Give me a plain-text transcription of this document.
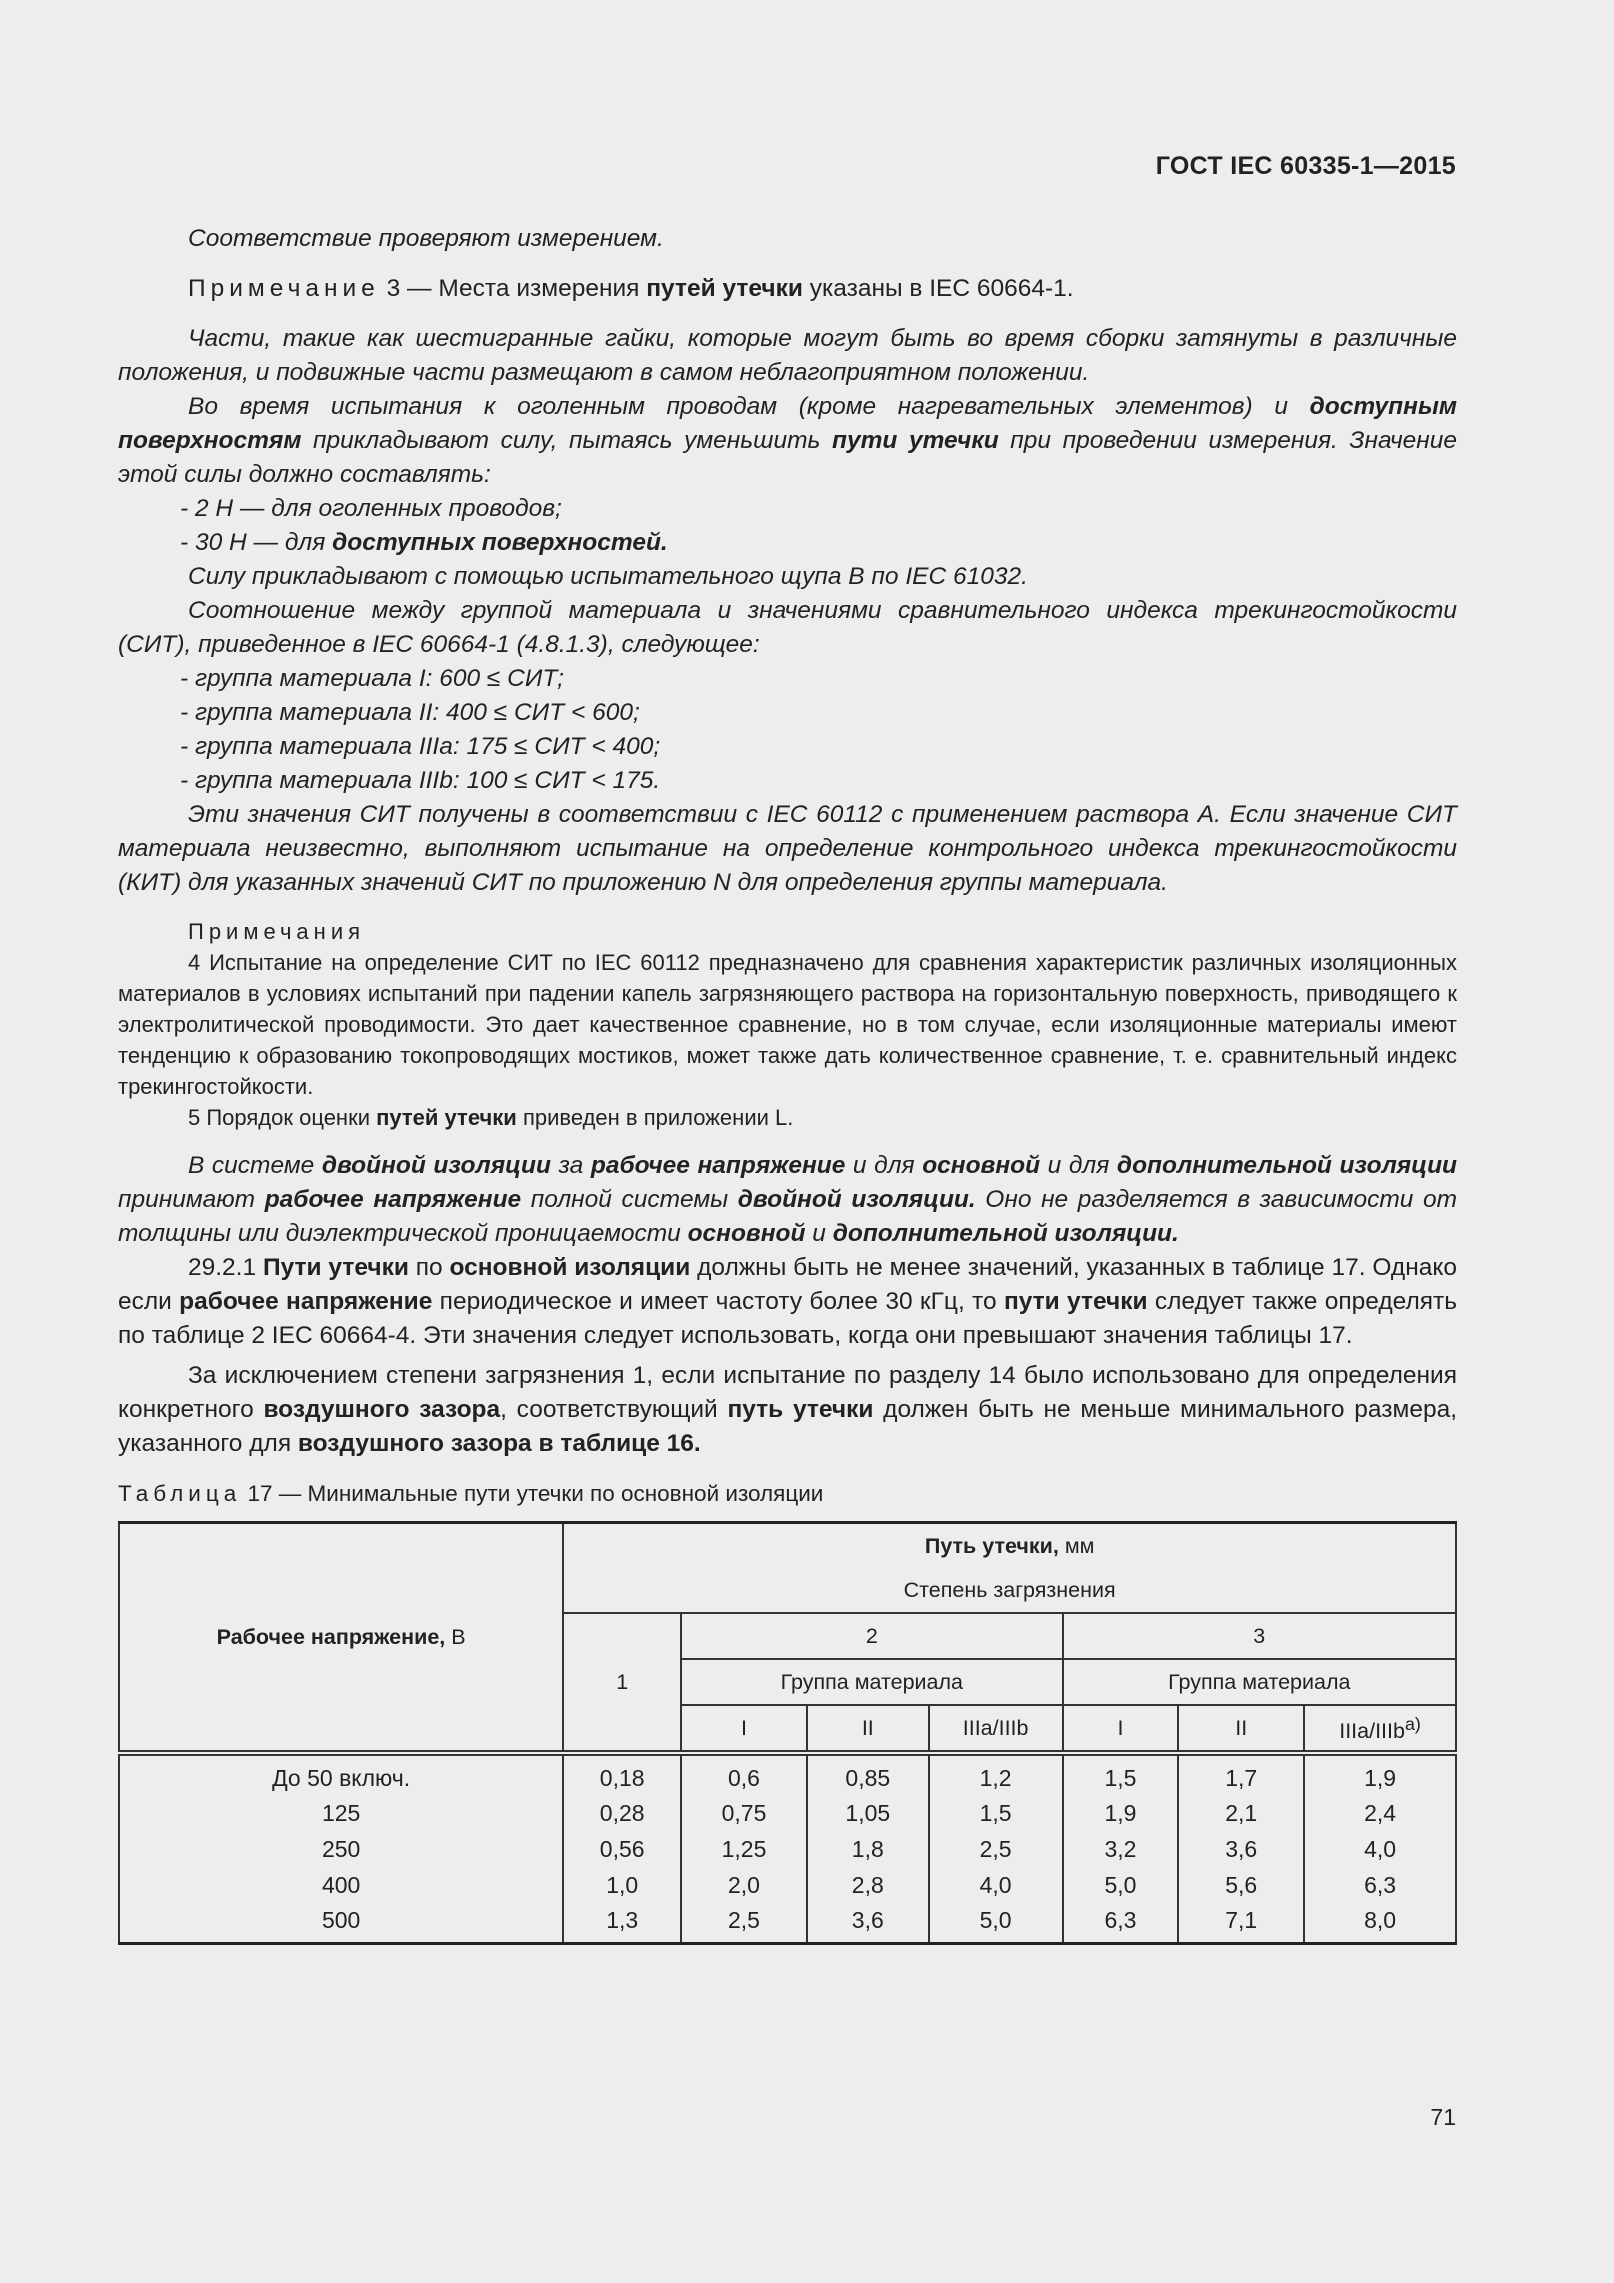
ГОСТ IEC 60335-1—2015

Соответствие проверяют измерением.

Примечание 3 — Места измерения путей утечки указаны в IEC 60664-1.

Части, такие как шестигранные гайки, которые могут быть во время сборки затянуты в различные положения, и подвижные части размещают в самом неблагоприятном положении.

Во время испытания к оголенным проводам (кроме нагревательных элементов) и доступным поверхностям прикладывают силу, пытаясь уменьшить пути утечки при проведении измерения. Значение этой силы должно составлять:

- 2 Н — для оголенных проводов;

- 30 Н — для доступных поверхностей.

Силу прикладывают с помощью испытательного щупа В по IEC 61032.

Соотношение между группой материала и значениями сравнительного индекса трекингостойкости (СИТ), приведенное в IEC 60664-1 (4.8.1.3), следующее:

- группа материала I: 600 ≤ СИТ;

- группа материала II: 400 ≤ СИТ < 600;

- группа материала IIIa: 175 ≤ СИТ < 400;

- группа материала IIIb: 100 ≤ СИТ < 175.

Эти значения СИТ получены в соответствии с IEC 60112 с применением раствора А. Если значение СИТ материала неизвестно, выполняют испытание на определение контрольного индекса трекингостойкости (КИТ) для указанных значений СИТ по приложению N для определения группы материала.

Примечания

4 Испытание на определение СИТ по IEC 60112 предназначено для сравнения характеристик различных изоляционных материалов в условиях испытаний при падении капель загрязняющего раствора на горизонтальную поверхность, приводящего к электролитической проводимости. Это дает качественное сравнение, но в том случае, если изоляционные материалы имеют тенденцию к образованию токопроводящих мостиков, может также дать количественное сравнение, т. е. сравнительный индекс трекингостойкости.

5 Порядок оценки путей утечки приведен в приложении L.

В системе двойной изоляции за рабочее напряжение и для основной и для дополнительной изоляции принимают рабочее напряжение полной системы двойной изоляции. Оно не разделяется в зависимости от толщины или диэлектрической проницаемости основной и дополнительной изоляции.

29.2.1 Пути утечки по основной изоляции должны быть не менее значений, указанных в таблице 17. Однако если рабочее напряжение периодическое и имеет частоту более 30 кГц, то пути утечки следует также определять по таблице 2 IEC 60664-4. Эти значения следует использовать, когда они превышают значения таблицы 17.

За исключением степени загрязнения 1, если испытание по разделу 14 было использовано для определения конкретного воздушного зазора, соответствующий путь утечки должен быть не меньше минимального размера, указанного для воздушного зазора в таблице 16.

Таблица 17 — Минимальные пути утечки по основной изоляции

Рабочее напряжение, В	Путь утечки, мм						
	Степень загрязнения						
	1	2			3		
		Группа материала			Группа материала		
		I	II	IIIa/IIIb	I	II	IIIa/IIIb$^{a)}$
До 50 включ.	0,18	0,6	0,85	1,2	1,5	1,7	1,9
125	0,28	0,75	1,05	1,5	1,9	2,1	2,4
250	0,56	1,25	1,8	2,5	3,2	3,6	4,0
400	1,0	2,0	2,8	4,0	5,0	5,6	6,3
500	1,3	2,5	3,6	5,0	6,3	7,1	8,0
71
